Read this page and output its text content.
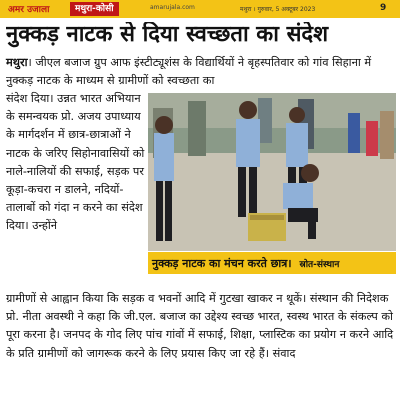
अमर उजाला	मथुरा-कोसी	amarujala.com	मथुरा । गुरुवार, 5 अक्टूबर 2023	9
नुक्कड़ नाटक से दिया स्वच्छता का संदेश
मथुरा। जीएल बजाज ग्रुप आफ इंस्टीट्यूशंस के विद्यार्थियों ने बृहस्पतिवार को गांव सिहाना में नुक्कड़ नाटक के माध्यम से ग्रामीणों को स्वच्छता का
संदेश दिया। उन्नत भारत अभियान के समन्वयक प्रो. अजय उपाध्याय के मार्गदर्शन में छात्र-छात्राओं ने नाटक के जरिए सिहोनावासियों को नाले-नालियों की सफाई, सड़क पर कूड़ा-कचरा न डालने, नदियों-तालाबों को गंदा न करने का संदेश दिया। उन्होंने
नुक्कड़ नाटक का मंचन करते छात्र। स्रोत-संस्थान
ग्रामीणों से आह्वान किया कि सड़क व भवनों आदि में गुटखा खाकर न थूकें। संस्थान की निदेशक प्रो. नीता अवस्थी ने कहा कि जी.एल. बजाज का उद्देश्य स्वच्छ भारत, स्वस्थ भारत के संकल्प को पूरा करना है। जनपद के गोद लिए पांच गांवों में सफाई, शिक्षा, प्लास्टिक का प्रयोग न करने आदि के प्रति ग्रामीणों को जागरूक करने के लिए प्रयास किए जा रहे हैं। संवाद
